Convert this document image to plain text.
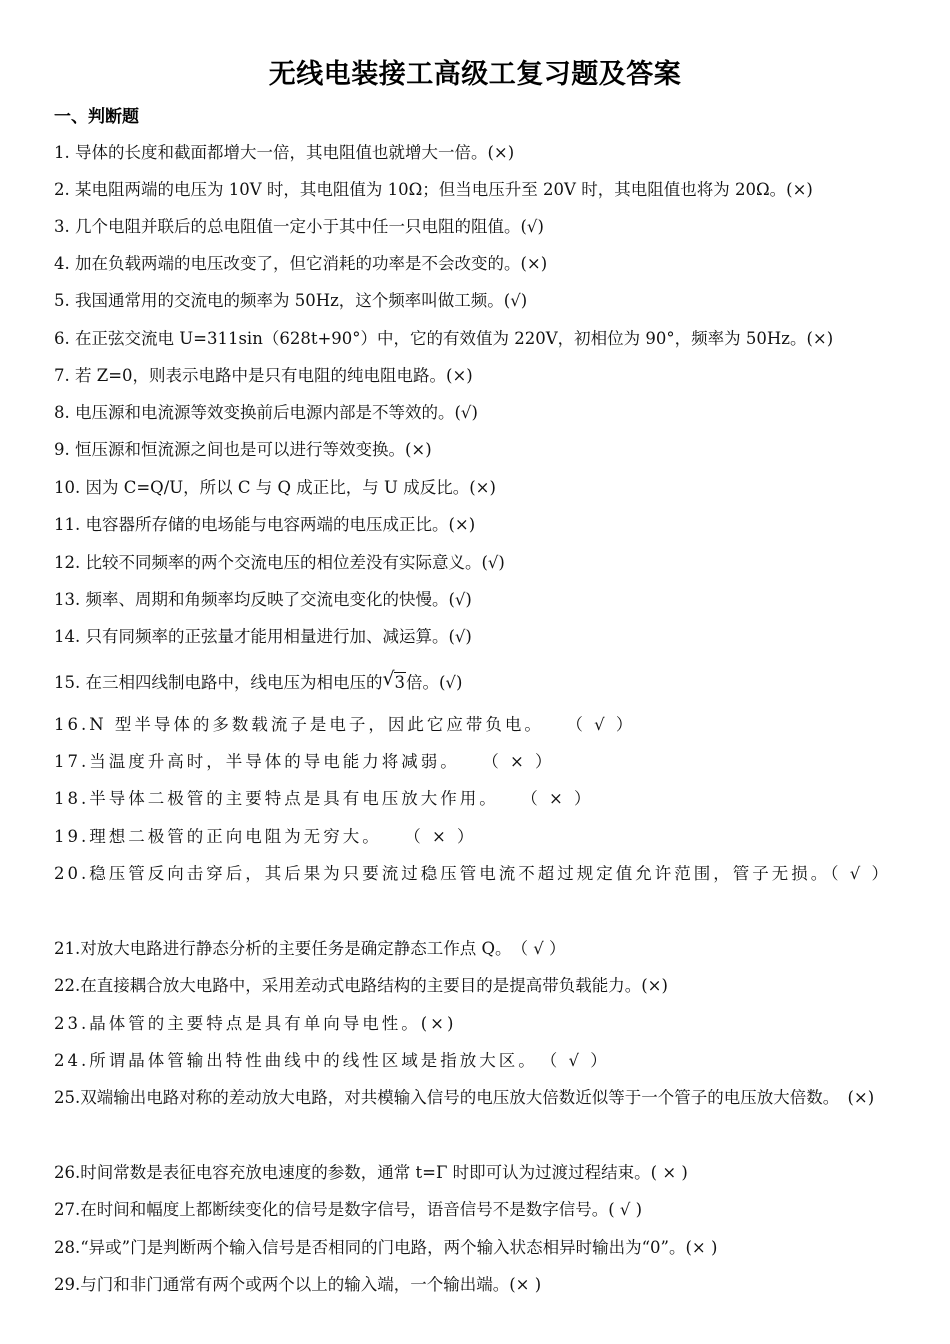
无线电装接工高级工复习题及答案
一、判断题
1. 导体的长度和截面都增大一倍，其电阻值也就增大一倍。(×)
2. 某电阻两端的电压为 10V 时，其电阻值为 10Ω；但当电压升至 20V 时，其电阻值也将为 20Ω。(×)
3. 几个电阻并联后的总电阻值一定小于其中任一只电阻的阻值。(√)
4. 加在负载两端的电压改变了，但它消耗的功率是不会改变的。(×)
5. 我国通常用的交流电的频率为 50Hz，这个频率叫做工频。(√)
6. 在正弦交流电 U=311sin（628t+90°）中，它的有效值为 220V，初相位为 90°，频率为 50Hz。(×)
7. 若 Z=0，则表示电路中是只有电阻的纯电阻电路。(×)
8. 电压源和电流源等效变换前后电源内部是不等效的。(√)
9. 恒压源和恒流源之间也是可以进行等效变换。(×)
10. 因为 C=Q/U，所以 C 与 Q 成正比，与 U 成反比。(×)
11. 电容器所存储的电场能与电容两端的电压成正比。(×)
12. 比较不同频率的两个交流电压的相位差没有实际意义。(√)
13. 频率、周期和角频率均反映了交流电变化的快慢。(√)
14. 只有同频率的正弦量才能用相量进行加、减运算。(√)
15. 在三相四线制电路中，线电压为相电压的 √ 3倍。(√)
16.N 型半导体的多数载流子是电子，因此它应带负电。　　（ √ ）
17.当温度升高时，半导体的导电能力将减弱。　　（ × ）
18.半导体二极管的主要特点是具有电压放大作用。　　（ × ）
19.理想二极管的正向电阻为无穷大。　　（ × ）
20.稳压管反向击穿后，其后果为只要流过稳压管电流不超过规定值允许范围，管子无损。（ √ ）
21.对放大电路进行静态分析的主要任务是确定静态工作点 Q。　（ √ ）
22.在直接耦合放大电路中，采用差动式电路结构的主要目的是提高带负载能力。(×)
23.晶体管的主要特点是具有单向导电性。(×)
24.所谓晶体管输出特性曲线中的线性区域是指放大区。　（ √ ）
25.双端输出电路对称的差动放大电路，对共模输入信号的电压放大倍数近似等于一个管子的电压放大倍数。　(×)
26.时间常数是表征电容充放电速度的参数，通常 t=Γ 时即可认为过渡过程结束。( × )
27.在时间和幅度上都断续变化的信号是数字信号，语音信号不是数字信号。( √ )
28.“异或”门是判断两个输入信号是否相同的门电路，两个输入状态相异时输出为“0”。(× )
29.与门和非门通常有两个或两个以上的输入端，一个输出端。(× )
